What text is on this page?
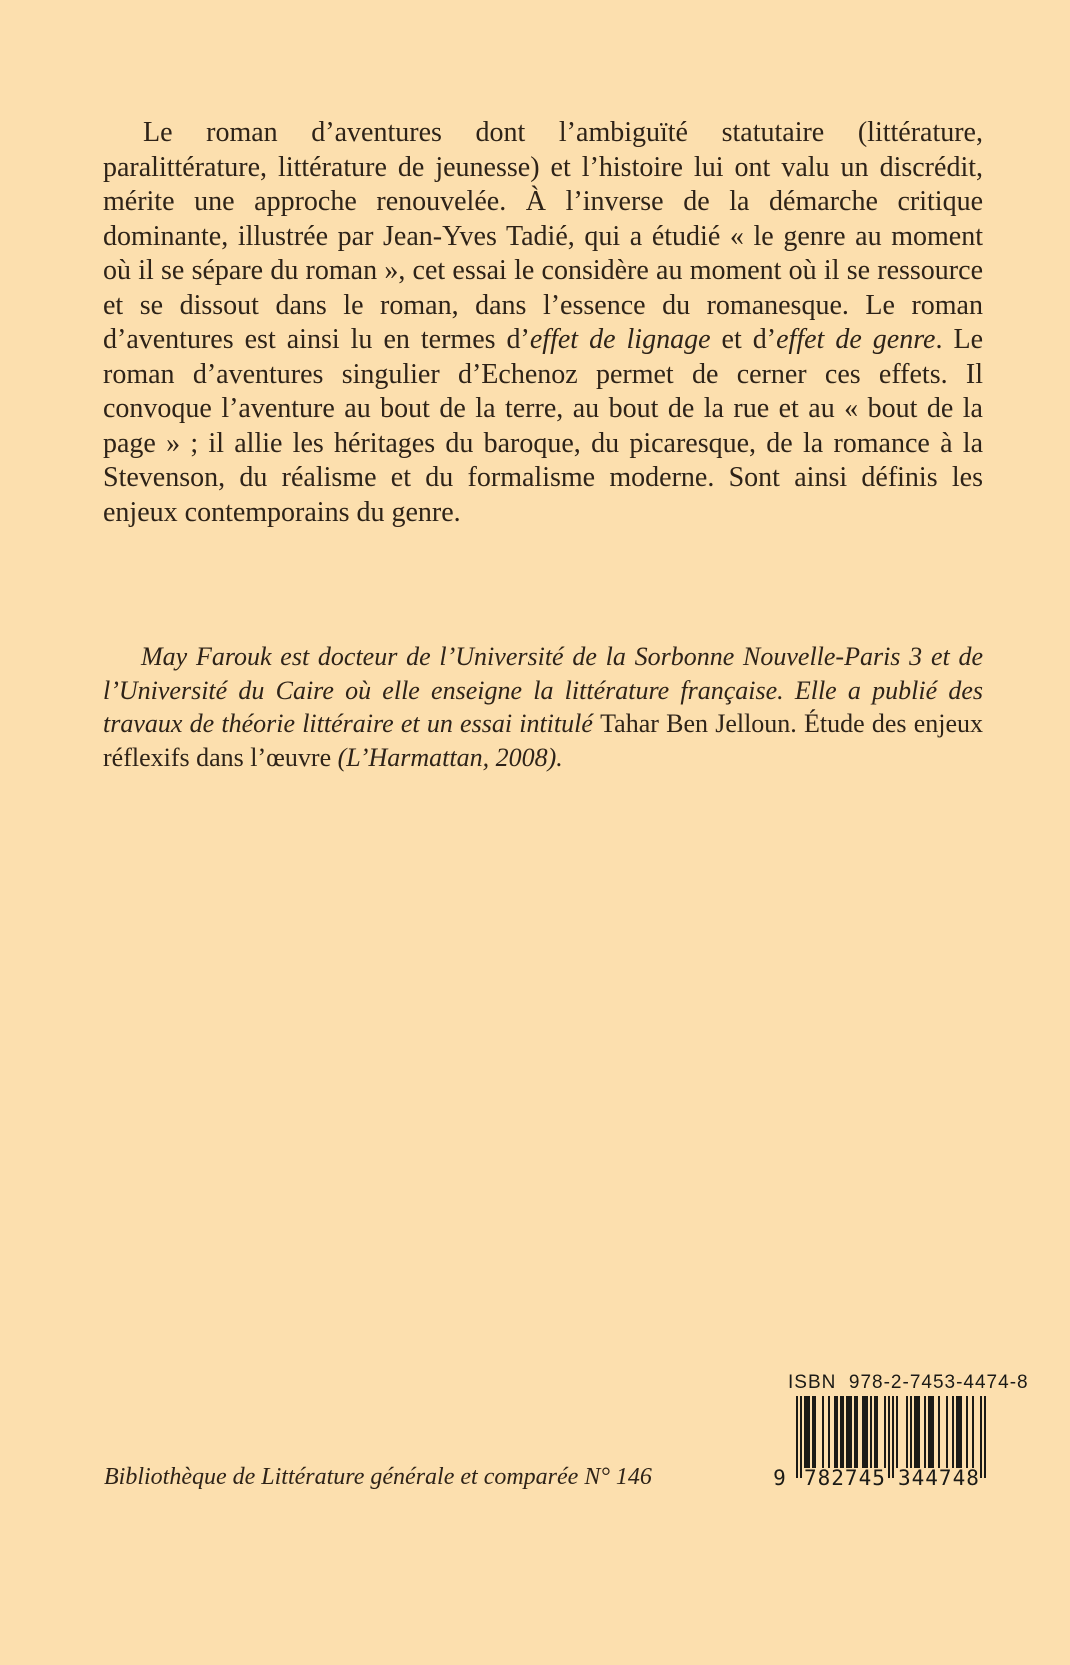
Le roman d’aventures dont l’ambiguïté statutaire (littérature, paralittérature, littérature de jeunesse) et l’histoire lui ont valu un discrédit, mérite une approche renouvelée. À l’inverse de la démarche critique dominante, illustrée par Jean-Yves Tadié, qui a étudié « le genre au moment où il se sépare du roman », cet essai le considère au moment où il se ressource et se dissout dans le roman, dans l’essence du romanesque. Le roman d’aventures est ainsi lu en termes d’effet de lignage et d’effet de genre. Le roman d’aventures singulier d’Echenoz permet de cerner ces effets. Il convoque l’aventure au bout de la terre, au bout de la rue et au « bout de la page » ; il allie les héritages du baroque, du picaresque, de la romance à la Stevenson, du réalisme et du formalisme moderne. Sont ainsi définis les enjeux contemporains du genre.

May Farouk est docteur de l’Université de la Sorbonne Nouvelle-Paris 3 et de l’Université du Caire où elle enseigne la littérature française. Elle a publié des travaux de théorie littéraire et un essai intitulé Tahar Ben Jelloun. Étude des enjeux réflexifs dans l’œuvre (L’Harmattan, 2008).

Bibliothèque de Littérature générale et comparée N° 146
ISBN  978-2-7453-4474-8
9 782745 344748
